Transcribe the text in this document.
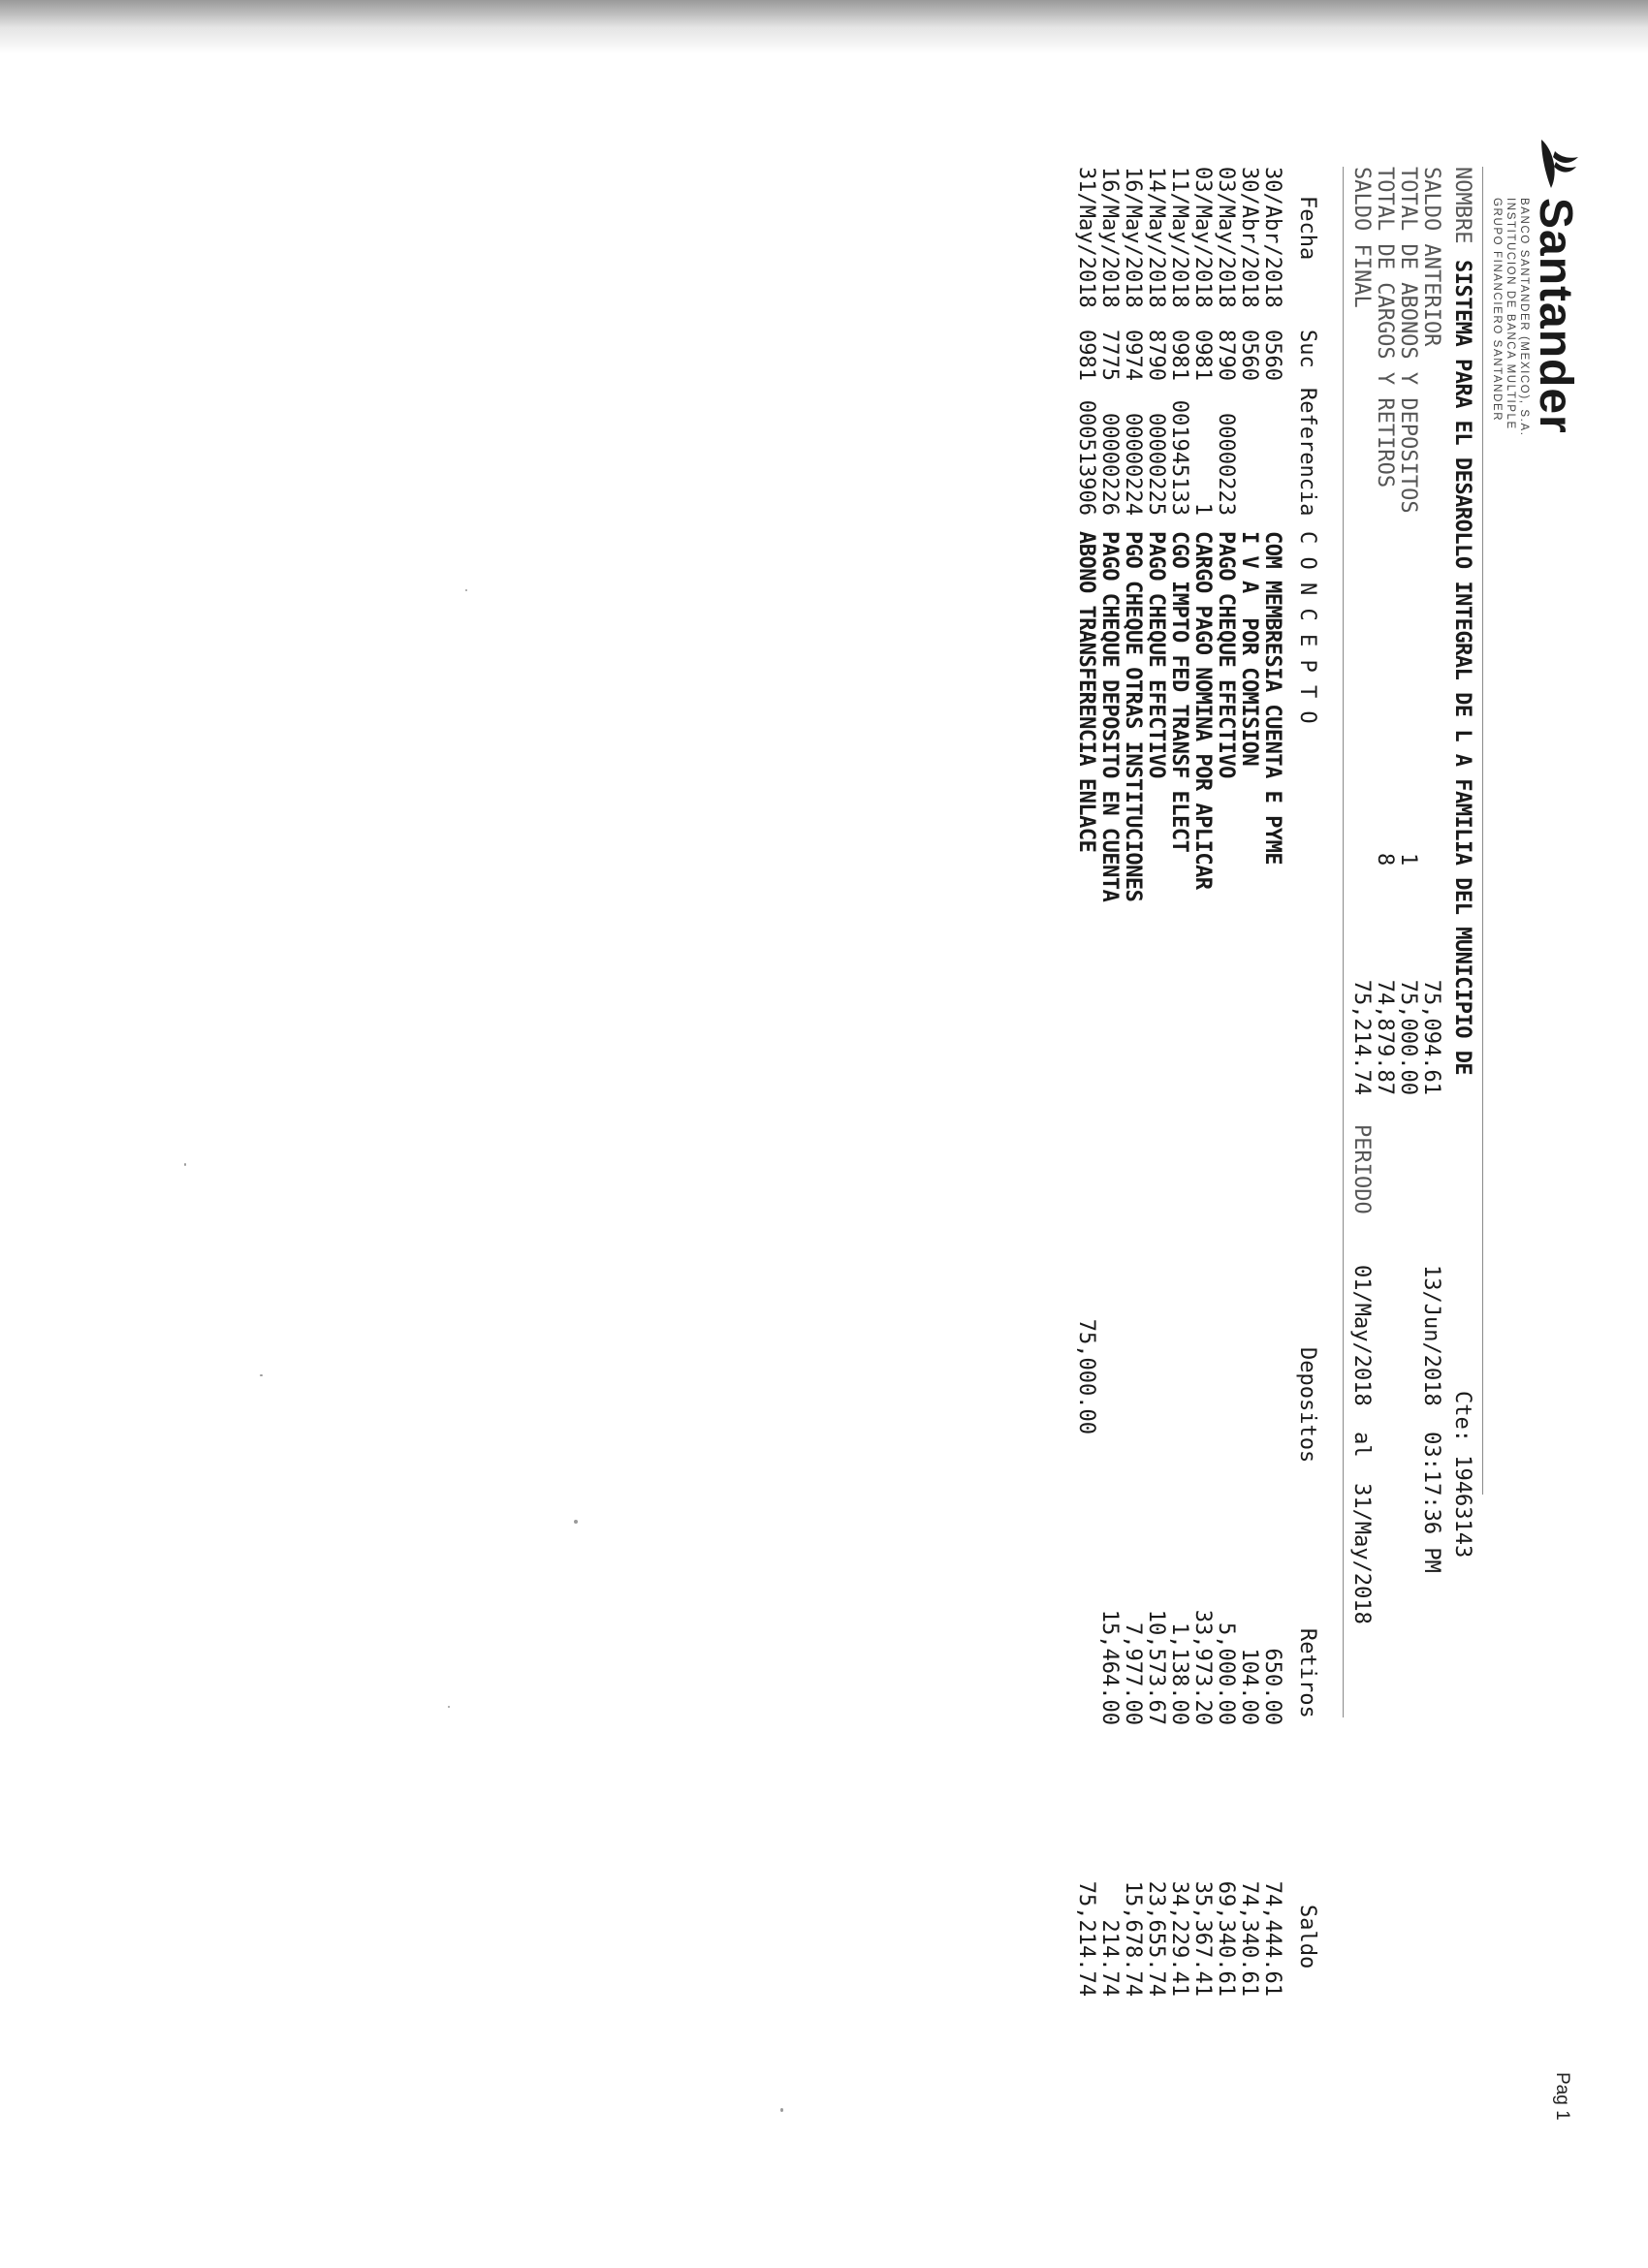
Santander
BANCO SANTANDER (MEXICO), S.A.
INSTITUCION DE BANCA MULTIPLE
GRUPO FINANCIERO SANTANDER
Pag 1
NOMBRE
SISTEMA PARA EL DESAROLLO INTEGRAL DE L A FAMILIA DEL MUNICIPIO DE
Cte: 19463143
13/Jun/2018  03:17:36 PM
SALDO ANTERIOR
75,094.61
TOTAL DE ABONOS Y DEPOSITOS
1
75,000.00
TOTAL DE CARGOS Y RETIROS
8
74,879.87
SALDO FINAL
75,214.74
PERIODO
01/May/2018  al  31/May/2018
Fecha
Suc
Referencia
C O N C E P T O
Depositos
Retiros
Saldo

30/Abr/2018

0560

COM MEMBRESIA CUENTA E PYME

650.00

74,444.61

30/Abr/2018

0560

I V A  POR COMISION

104.00

74,340.61

03/May/2018

8790

00000223

PAGO CHEQUE EFECTIVO

5,000.00

69,340.61

03/May/2018

0981

1

CARGO PAGO NOMINA POR APLICAR

33,973.20

35,367.41

11/May/2018

0981

001945133

CGO IMPTO FED TRANSF ELECT

1,138.00

34,229.41

14/May/2018

8790

00000225

PAGO CHEQUE EFECTIVO

10,573.67

23,655.74

16/May/2018

0974

00000224

PGO CHEQUE OTRAS INSTITUCIONES

7,977.00

15,678.74

16/May/2018

7775

00000226

PAGO CHEQUE DEPOSITO EN CUENTA

15,464.00

214.74

31/May/2018

0981

000513906

ABONO TRANSFERENCIA ENLACE

75,000.00

75,214.74
